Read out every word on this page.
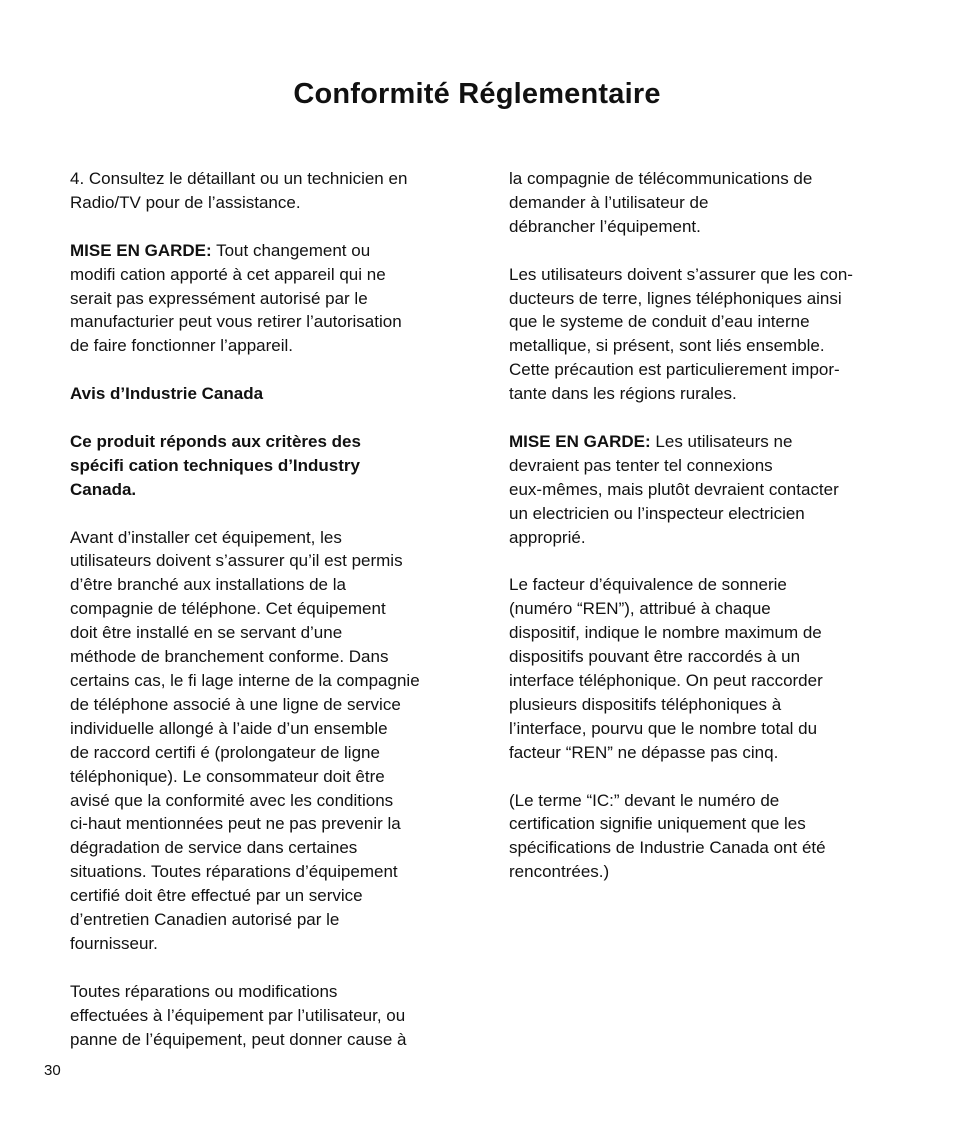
Conformité Réglementaire

4. Consultez le détaillant ou un technicien en
Radio/TV pour de l’assistance.

MISE EN GARDE: Tout changement ou
modifi cation apporté à cet appareil qui ne
serait pas expressément autorisé par le
manufacturier peut vous retirer l’autorisation
de faire fonctionner l’appareil.

Avis d’Industrie Canada

Ce produit réponds aux critères des
spécifi cation techniques d’Industry
Canada.

Avant d’installer cet équipement, les
utilisateurs doivent s’assurer qu’il est permis
d’être branché aux installations de la
compagnie de téléphone. Cet équipement
doit être installé en se servant d’une
méthode de branchement conforme. Dans
certains cas, le fi lage interne de la compagnie
de téléphone associé à une ligne de service
individuelle allongé à l’aide d’un ensemble
de raccord certifi é (prolongateur de ligne
téléphonique). Le consommateur doit être
avisé que la conformité avec les conditions
ci-haut mentionnées peut ne pas prevenir la
dégradation de service dans certaines
situations. Toutes réparations d’équipement
certifié doit être effectué par un service
d’entretien Canadien autorisé par le
fournisseur.

Toutes réparations ou modifications
effectuées à l’équipement par l’utilisateur, ou
panne de l’équipement, peut donner cause à

la compagnie de télécommunications de
demander à l’utilisateur de
débrancher l’équipement.

Les utilisateurs doivent s’assurer que les con-
ducteurs de terre, lignes téléphoniques ainsi
que le systeme de conduit d’eau interne
metallique, si présent, sont liés ensemble.
Cette précaution est particulierement impor-
tante dans les régions rurales.

MISE EN GARDE: Les utilisateurs ne
devraient pas tenter tel connexions
eux-mêmes, mais plutôt devraient contacter
un electricien ou l’inspecteur electricien
approprié.

Le facteur d’équivalence de sonnerie
(numéro “REN”), attribué à chaque
dispositif, indique le nombre maximum de
dispositifs pouvant être raccordés à un
interface téléphonique. On peut raccorder
plusieurs dispositifs téléphoniques à
l’interface, pourvu que le nombre total du
facteur “REN” ne dépasse pas cinq.

(Le terme “IC:” devant le numéro de
certification signifie uniquement que les
spécifications de Industrie Canada ont été
rencontrées.)

30
